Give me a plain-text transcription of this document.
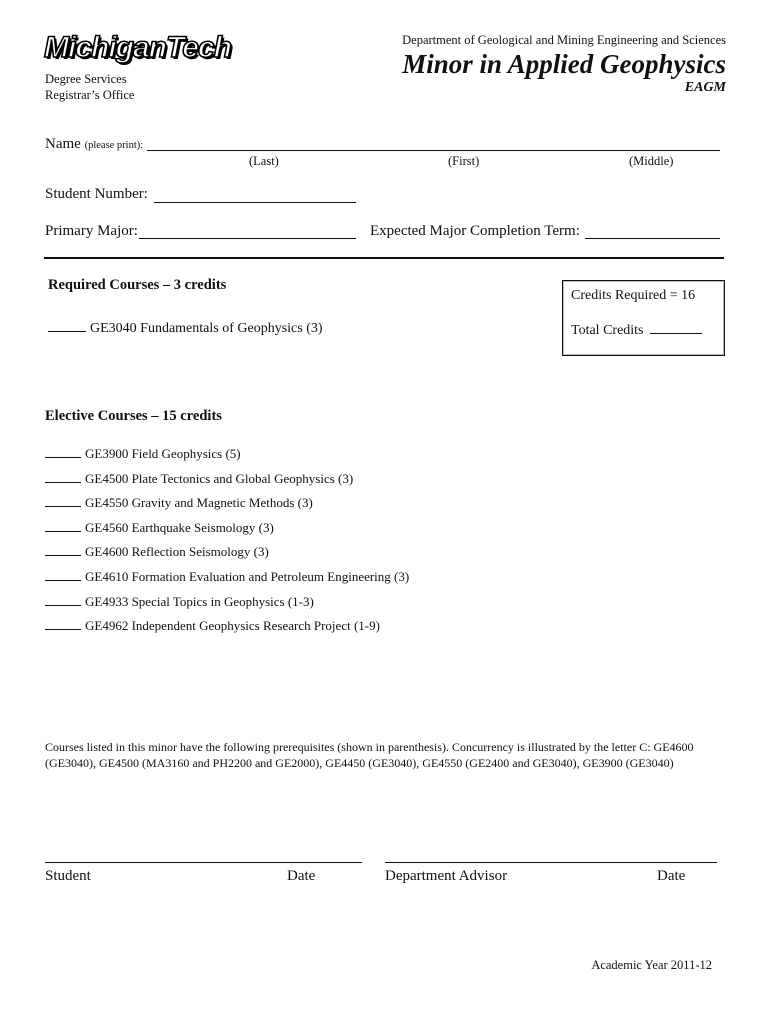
MichiganTech
Degree Services
Registrar’s Office
Department of Geological and Mining Engineering and Sciences
Minor in Applied Geophysics
EAGM
Name (please print):
(Last)	(First)	(Middle)
Student Number:
Primary Major:	Expected Major Completion Term:
Required Courses – 3 credits
GE3040 Fundamentals of Geophysics (3)
Credits Required = 16
Total Credits
Elective Courses – 15 credits
GE3900 Field Geophysics (5)
GE4500 Plate Tectonics and Global Geophysics (3)
GE4550 Gravity and Magnetic Methods (3)
GE4560 Earthquake Seismology (3)
GE4600 Reflection Seismology (3)
GE4610 Formation Evaluation and Petroleum Engineering (3)
GE4933 Special Topics in Geophysics (1-3)
GE4962 Independent Geophysics Research Project (1-9)
Courses listed in this minor have the following prerequisites (shown in parenthesis). Concurrency is illustrated by the letter C: GE4600 (GE3040), GE4500 (MA3160 and PH2200 and GE2000), GE4450 (GE3040), GE4550 (GE2400 and GE3040), GE3900 (GE3040)
Student	Date	Department Advisor	Date
Academic Year 2011-12
